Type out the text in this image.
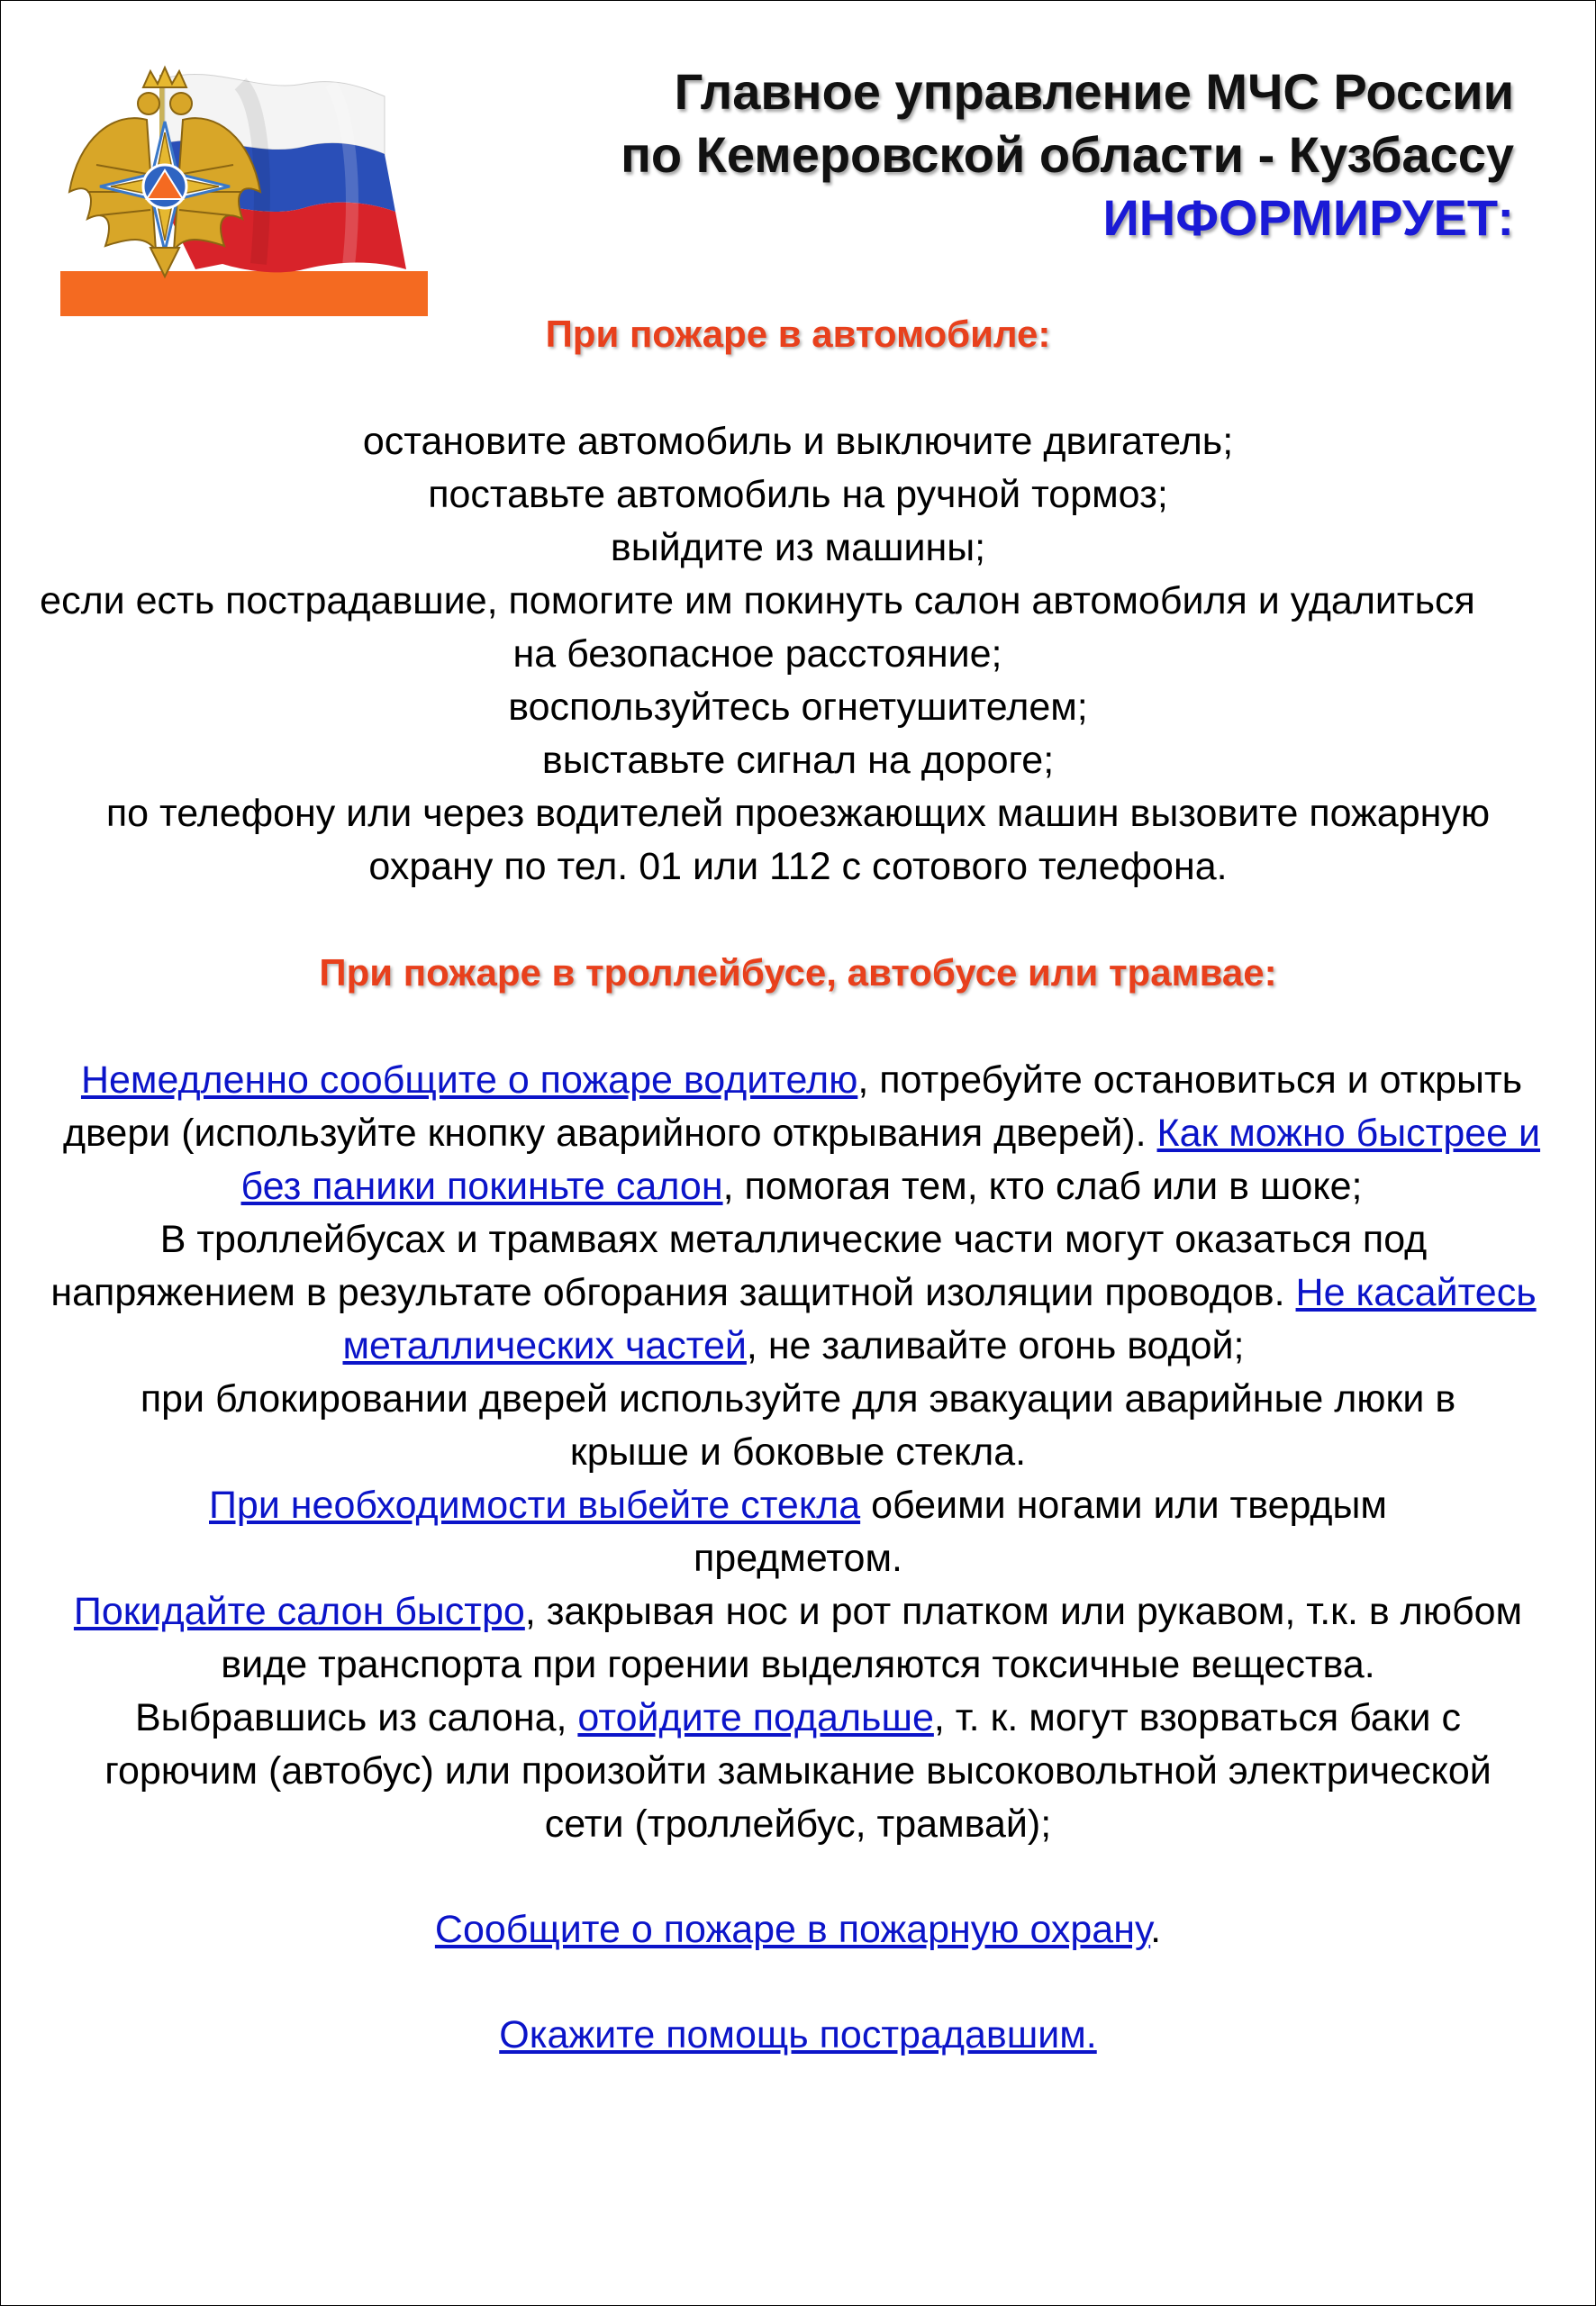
Главное управление МЧС России
по Кемеровской области - Кузбассу
ИНФОРМИРУЕТ:

При пожаре в автомобиле:

остановите автомобиль и выключите двигатель;

поставьте автомобиль на ручной тормоз;

выйдите из машины;

если есть пострадавшие, помогите им покинуть салон автомобиля и удалиться на безопасное расстояние;

воспользуйтесь огнетушителем;

выставьте сигнал на дороге;

по телефону или через водителей проезжающих машин вызовите пожарную охрану по тел. 01 или 112 с сотового телефона.

При пожаре в троллейбусе, автобусе или трамвае:

Немедленно сообщите о пожаре водителю, потребуйте остановиться и открыть двери (используйте кнопку аварийного открывания дверей). Как можно быстрее и без паники покиньте салон, помогая тем, кто слаб или в шоке;

В троллейбусах и трамваях металлические части могут оказаться под напряжением в результате обгорания защитной изоляции проводов. Не касайтесь металлических частей, не заливайте огонь водой;

при блокировании дверей используйте для эвакуации аварийные люки в крыше и боковые стекла.

При необходимости выбейте стекла обеими ногами или твердым предметом.

Покидайте салон быстро, закрывая нос и рот платком или рукавом, т.к. в любом виде транспорта при горении выделяются токсичные вещества.

Выбравшись из салона, отойдите подальше, т. к. могут взорваться баки с горючим (автобус) или произойти замыкание высоковольтной электрической сети (троллейбус, трамвай);

Сообщите о пожаре в пожарную охрану.

Окажите помощь пострадавшим.
